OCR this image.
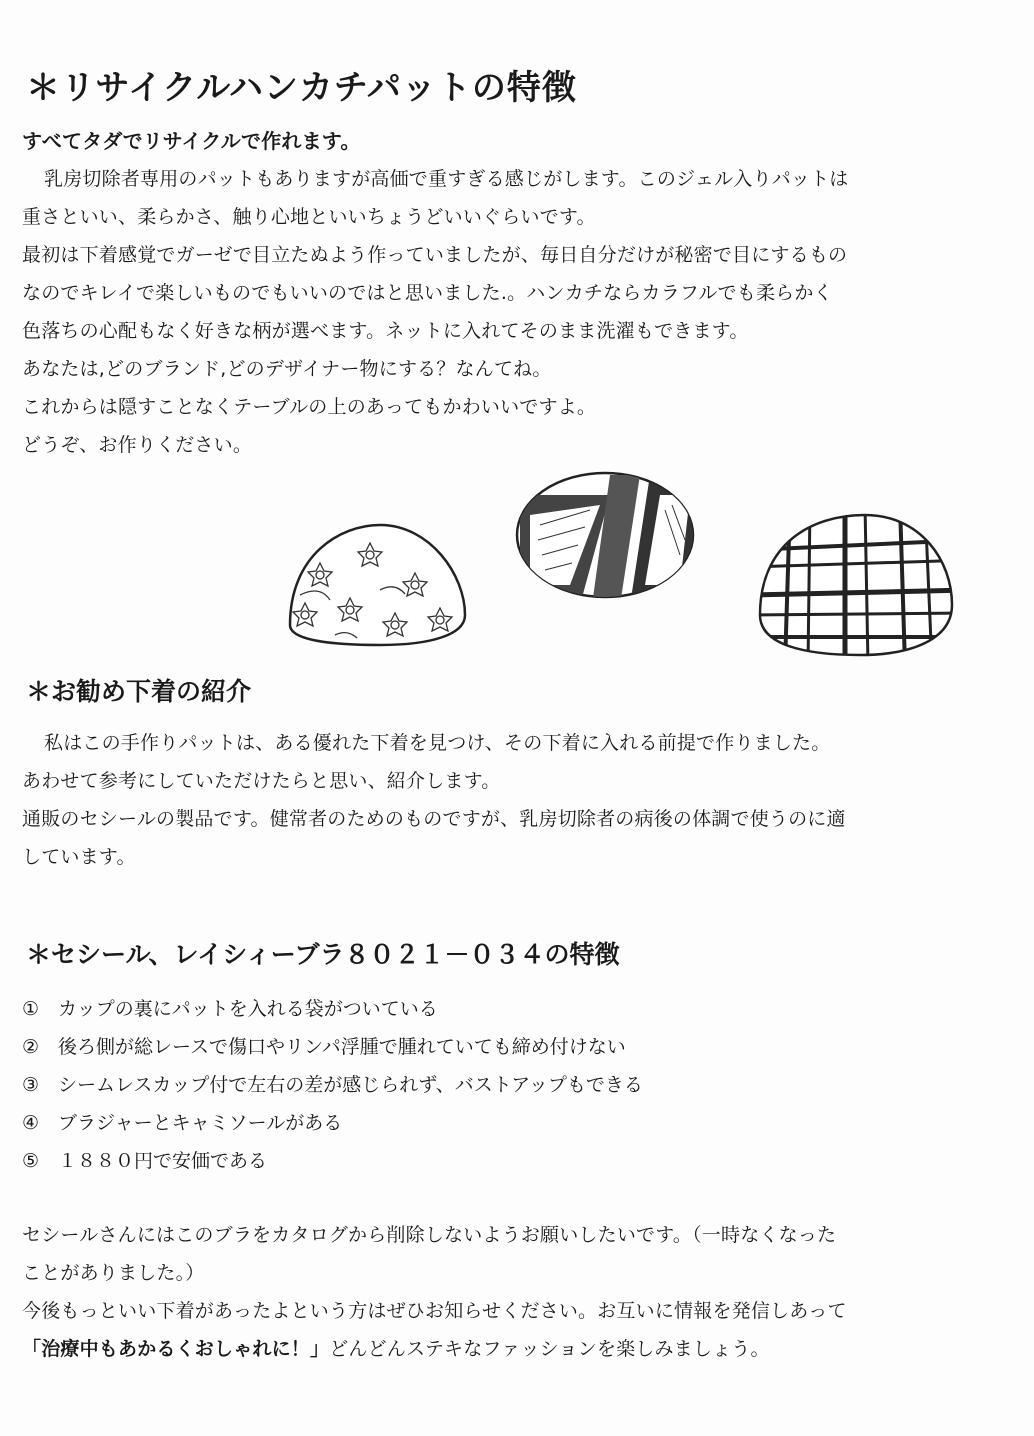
＊リサイクルハンカチパットの特徴
すべてタダでリサイクルで作れます。
乳房切除者専用のパットもありますが高価で重すぎる感じがします。このジェル入りパットは
重さといい、柔らかさ、触り心地といいちょうどいいぐらいです。
最初は下着感覚でガーゼで目立たぬよう作っていましたが、毎日自分だけが秘密で目にするもの
なのでキレイで楽しいものでもいいのではと思いました.。ハンカチならカラフルでも柔らかく
色落ちの心配もなく好きな柄が選べます。ネットに入れてそのまま洗濯もできます。
あなたは,どのブランド,どのデザイナー物にする？なんてね。
これからは隠すことなくテーブルの上のあってもかわいいですよ。
どうぞ、お作りください。
＊お勧め下着の紹介
私はこの手作りパットは、ある優れた下着を見つけ、その下着に入れる前提で作りました。
あわせて参考にしていただけたらと思い、紹介します。
通販のセシールの製品です。健常者のためのものですが、乳房切除者の病後の体調で使うのに適
しています。
＊セシール、レイシィーブラ８０２１－０３４の特徴
① カップの裏にパットを入れる袋がついている
② 後ろ側が総レースで傷口やリンパ浮腫で腫れていても締め付けない
③ シームレスカップ付で左右の差が感じられず、バストアップもできる
④ ブラジャーとキャミソールがある
⑤ １８８０円で安価である
セシールさんにはこのブラをカタログから削除しないようお願いしたいです。（一時なくなった
ことがありました。）
今後もっといい下着があったよという方はぜひお知らせください。お互いに情報を発信しあって
「治療中もあかるくおしゃれに！」どんどんステキなファッションを楽しみましょう。
